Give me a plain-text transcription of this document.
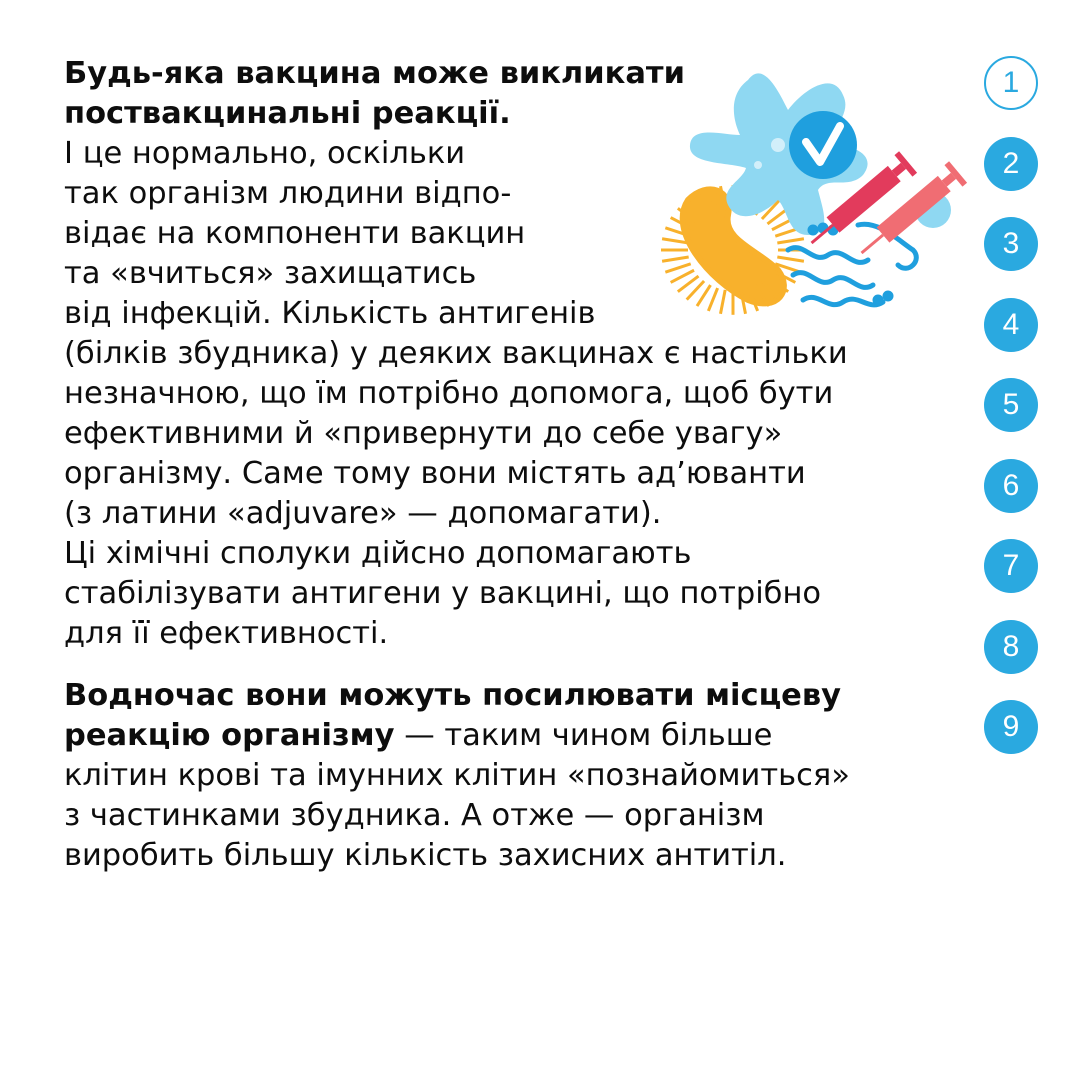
Будь-яка вакцина може викликати
поствакцинальні реакції.
І це нормально, оскільки
так організм людини відпо-
відає на компоненти вакцин
та «вчиться» захищатись
від інфекцій. Кількість антигенів
(білків збудника) у деяких вакцинах є настільки
незначною, що їм потрібно допомога, щоб бути
ефективними й «привернути до себе увагу»
організму. Саме тому вони містять ад’юванти
(з латини «adjuvare» — допомагати).
Ці хімічні сполуки дійсно допомагають
стабілізувати антигени у вакцині, що потрібно
для її ефективності.
Водночас вони можуть посилювати місцеву
реакцію організму — таким чином більше
клітин крові та імунних клітин «познайомиться»
з частинками збудника. А отже — організм
виробить більшу кількість захисних антитіл.
1
2
3
4
5
6
7
8
9
